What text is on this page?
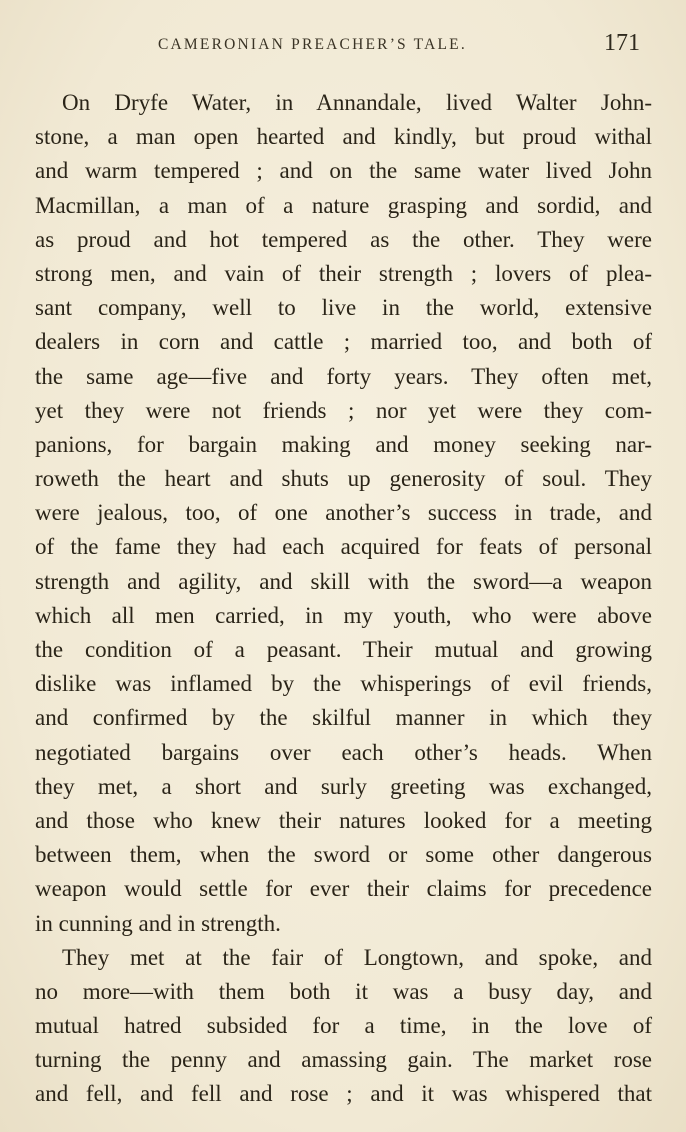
CAMERONIAN PREACHER’S TALE.	171
On Dryfe Water, in Annandale, lived Walter John-
stone, a man open hearted and kindly, but proud withal
and warm tempered ; and on the same water lived John
Macmillan, a man of a nature grasping and sordid, and
as proud and hot tempered as the other. They were
strong men, and vain of their strength ; lovers of plea-
sant company, well to live in the world, extensive
dealers in corn and cattle ; married too, and both of
the same age—five and forty years. They often met,
yet they were not friends ; nor yet were they com-
panions, for bargain making and money seeking nar-
roweth the heart and shuts up generosity of soul. They
were jealous, too, of one another’s success in trade, and
of the fame they had each acquired for feats of personal
strength and agility, and skill with the sword—a weapon
which all men carried, in my youth, who were above
the condition of a peasant. Their mutual and growing
dislike was inflamed by the whisperings of evil friends,
and confirmed by the skilful manner in which they
negotiated bargains over each other’s heads. When
they met, a short and surly greeting was exchanged,
and those who knew their natures looked for a meeting
between them, when the sword or some other dangerous
weapon would settle for ever their claims for precedence
in cunning and in strength.
They met at the fair of Longtown, and spoke, and
no more—with them both it was a busy day, and
mutual hatred subsided for a time, in the love of
turning the penny and amassing gain. The market rose
and fell, and fell and rose ; and it was whispered that
